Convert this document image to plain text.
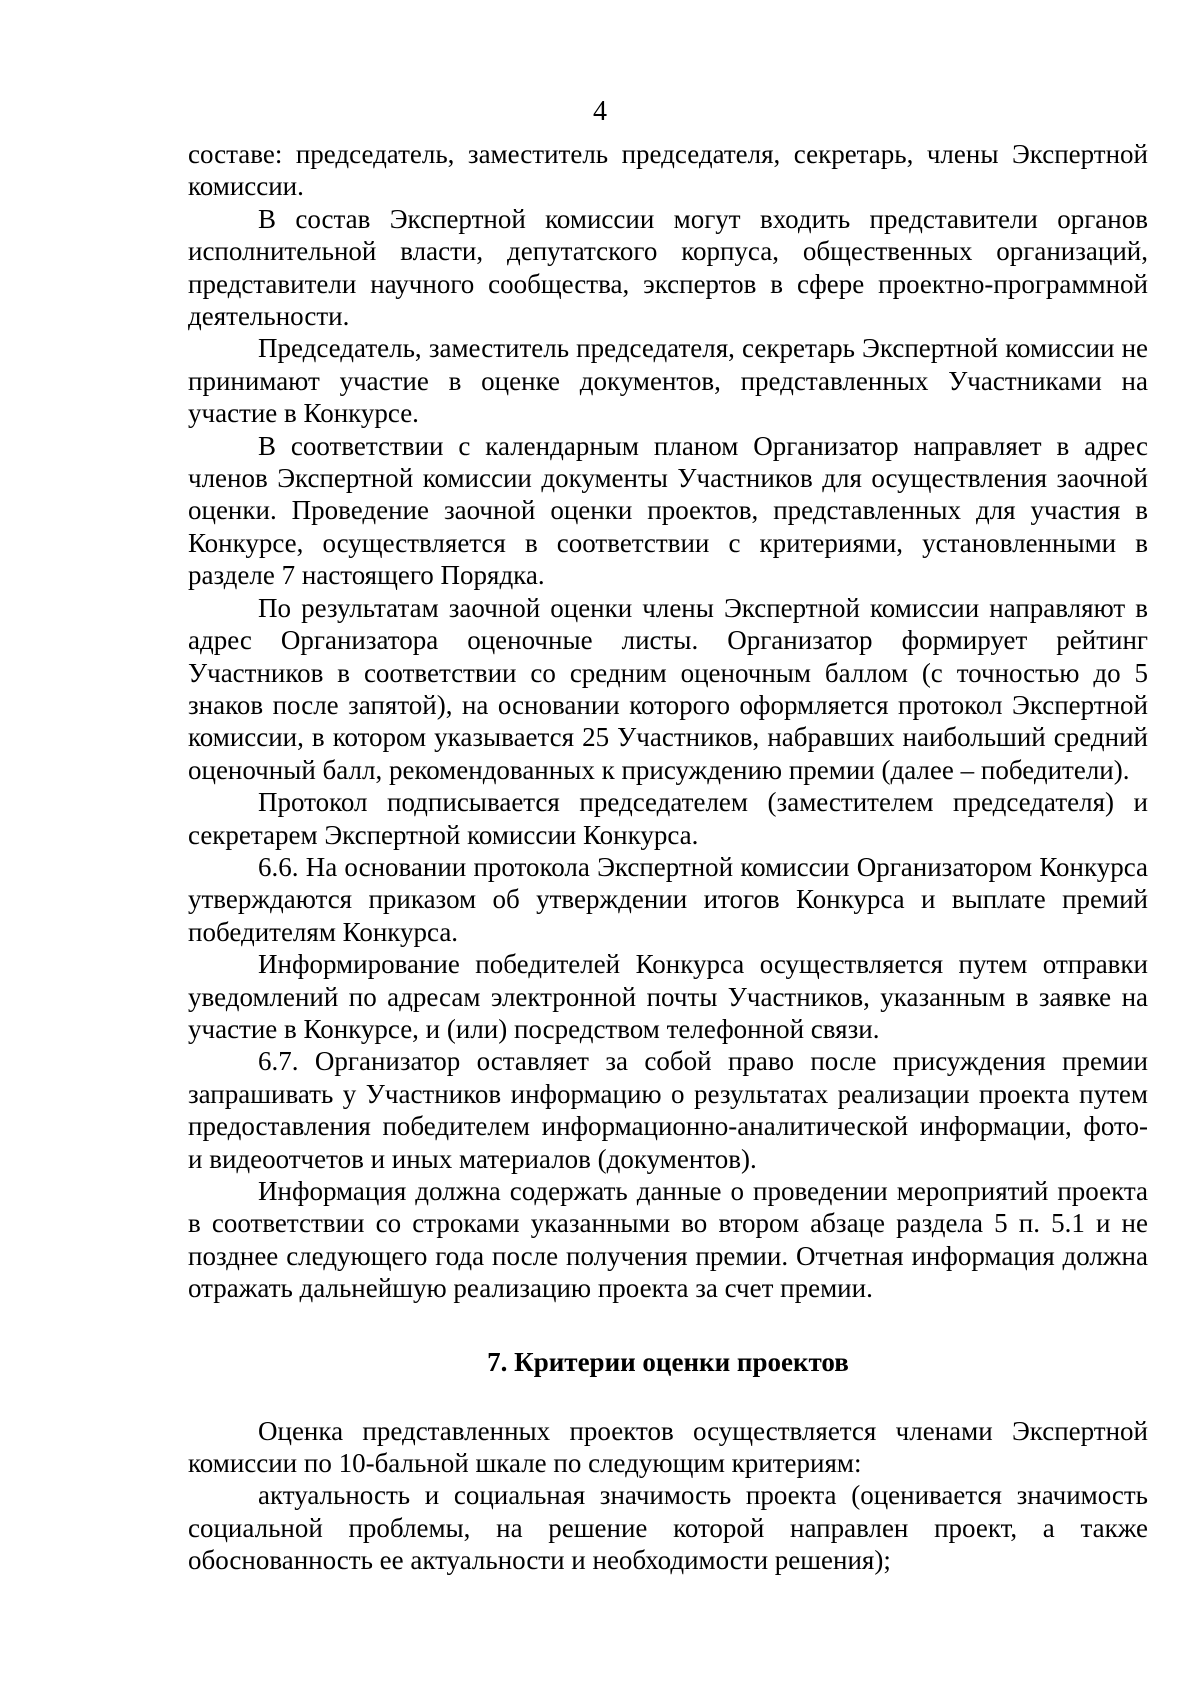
4

составе: председатель, заместитель председателя, секретарь, члены Экспертной комиссии.

В состав Экспертной комиссии могут входить представители органов исполнительной власти, депутатского корпуса, общественных организаций, представители научного сообщества, экспертов в сфере проектно-программной деятельности.

Председатель, заместитель председателя, секретарь Экспертной комиссии не принимают участие в оценке документов, представленных Участниками на участие в Конкурсе.

В соответствии с календарным планом Организатор направляет в адрес членов Экспертной комиссии документы Участников для осуществления заочной оценки. Проведение заочной оценки проектов, представленных для участия в Конкурсе, осуществляется в соответствии с критериями, установленными в разделе 7 настоящего Порядка.

По результатам заочной оценки члены Экспертной комиссии направляют в адрес Организатора оценочные листы. Организатор формирует рейтинг Участников в соответствии со средним оценочным баллом (с точностью до 5 знаков после запятой), на основании которого оформляется протокол Экспертной комиссии, в котором указывается 25 Участников, набравших наибольший средний оценочный балл, рекомендованных к присуждению премии (далее – победители).

Протокол подписывается председателем (заместителем председателя) и секретарем Экспертной комиссии Конкурса.

6.6. На основании протокола Экспертной комиссии Организатором Конкурса утверждаются приказом об утверждении итогов Конкурса и выплате премий победителям Конкурса.

Информирование победителей Конкурса осуществляется путем отправки уведомлений по адресам электронной почты Участников, указанным в заявке на участие в Конкурсе, и (или) посредством телефонной связи.

6.7. Организатор оставляет за собой право после присуждения премии запрашивать у Участников информацию о результатах реализации проекта путем предоставления победителем информационно-аналитической информации, фото- и видеоотчетов и иных материалов (документов).

Информация должна содержать данные о проведении мероприятий проекта в соответствии со строками указанными во втором абзаце раздела 5 п. 5.1 и не позднее следующего года после получения премии. Отчетная информация должна отражать дальнейшую реализацию проекта за счет премии.

7. Критерии оценки проектов

Оценка представленных проектов осуществляется членами Экспертной комиссии по 10-бальной шкале по следующим критериям:

актуальность и социальная значимость проекта (оценивается значимость социальной проблемы, на решение которой направлен проект, а также обоснованность ее актуальности и необходимости решения);
